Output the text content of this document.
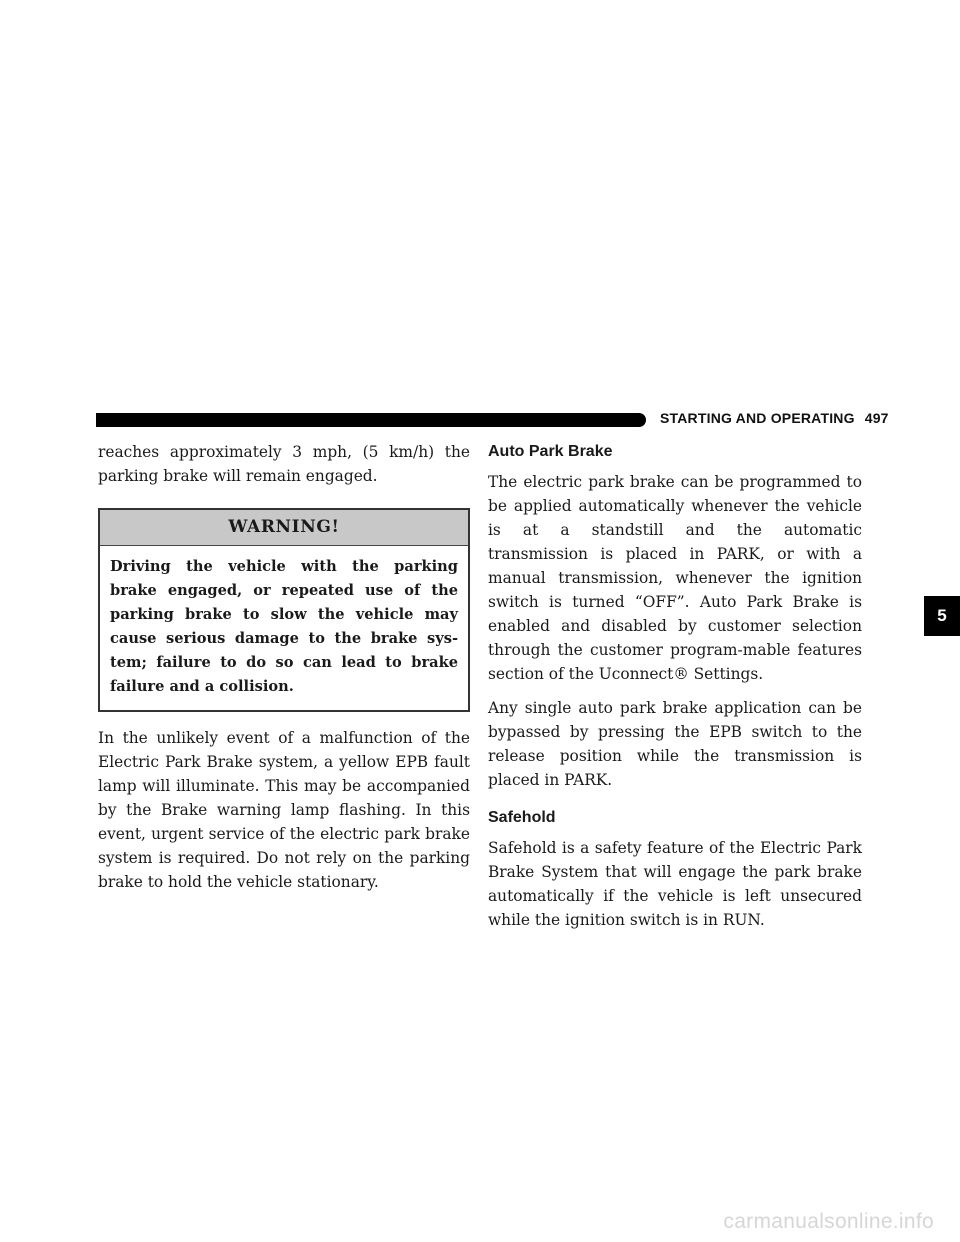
STARTING AND OPERATING 497

reaches approximately 3 mph, (5 km/h) the parking brake will remain engaged.

WARNING!
Driving the vehicle with the parking brake engaged, or repeated use of the parking brake to slow the vehicle may cause serious damage to the brake sys-tem; failure to do so can lead to brake failure and a collision.

In the unlikely event of a malfunction of the Electric Park Brake system, a yellow EPB fault lamp will illuminate. This may be accompanied by the Brake warning lamp flashing. In this event, urgent service of the electric park brake system is required. Do not rely on the parking brake to hold the vehicle stationary.

Auto Park Brake

The electric park brake can be programmed to be applied automatically whenever the vehicle is at a standstill and the automatic transmission is placed in PARK, or with a manual transmission, whenever the ignition switch is turned “OFF”. Auto Park Brake is enabled and disabled by customer selection through the customer program-mable features section of the Uconnect® Settings.

Any single auto park brake application can be bypassed by pressing the EPB switch to the release position while the transmission is placed in PARK.

Safehold

Safehold is a safety feature of the Electric Park Brake System that will engage the park brake automatically if the vehicle is left unsecured while the ignition switch is in RUN.

5
carmanualsonline.info
